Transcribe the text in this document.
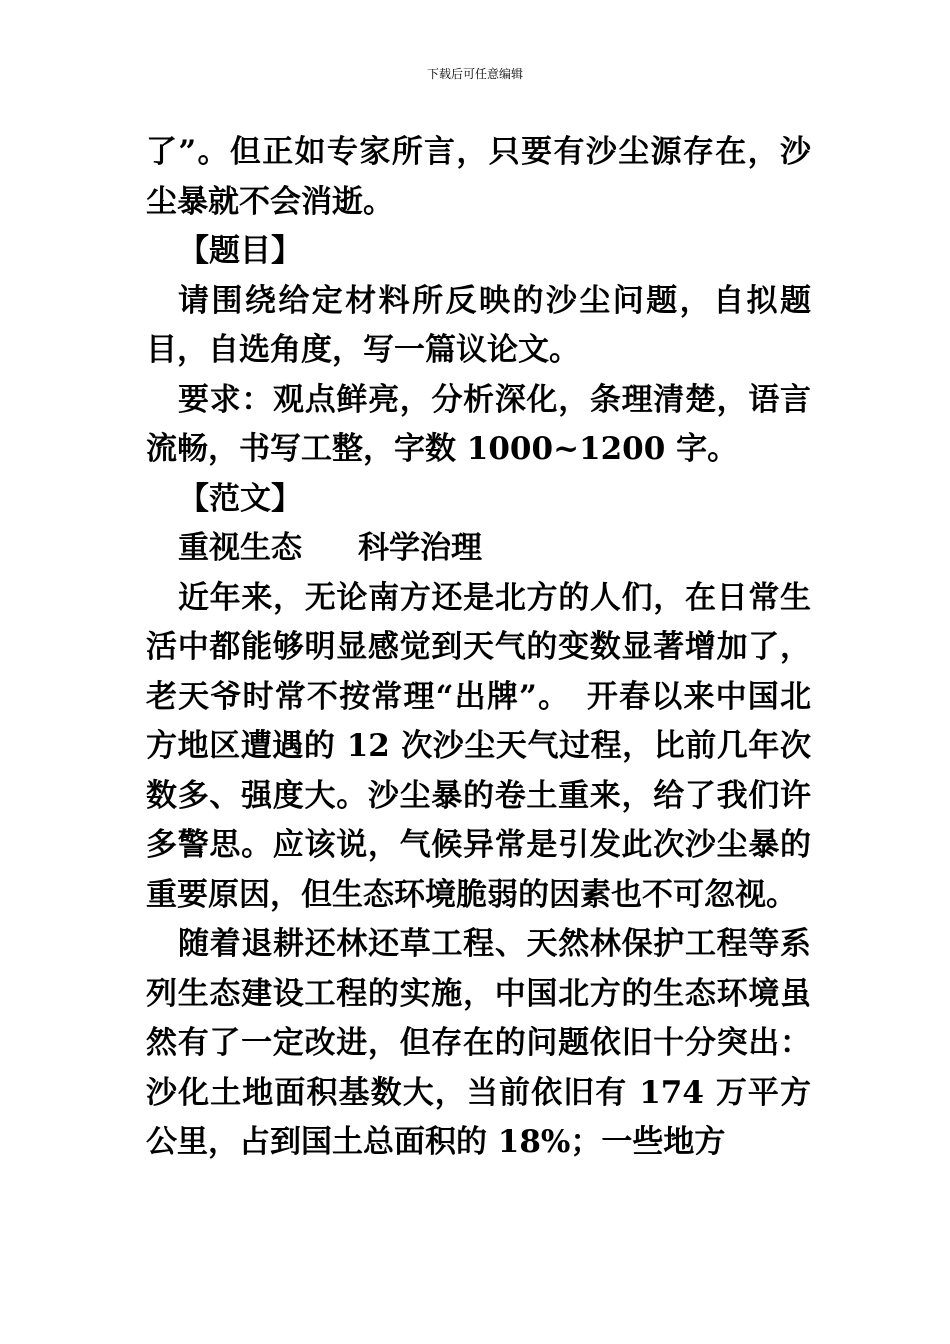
下载后可任意编辑

了”。但正如专家所言，只要有沙尘源存在，沙尘暴就不会消逝。

【题目】

请围绕给定材料所反映的沙尘问题，自拟题目，自选角度，写一篇议论文。

要求：观点鲜亮，分析深化，条理清楚，语言流畅，书写工整，字数 1000~1200 字。

【范文】

重视生态 科学治理

近年来，无论南方还是北方的人们，在日常生活中都能够明显感觉到天气的变数显著增加了，老天爷时常不按常理“出牌”。　开春以来中国北方地区遭遇的 12 次沙尘天气过程，比前几年次数多、强度大。沙尘暴的卷土重来，给了我们许多警思。应该说，气候异常是引发此次沙尘暴的重要原因，但生态环境脆弱的因素也不可忽视。

随着退耕还林还草工程、天然林保护工程等系列生态建设工程的实施，中国北方的生态环境虽然有了一定改进，但存在的问题依旧十分突出：沙化土地面积基数大，当前依旧有 174 万平方公里，占到国土总面积的 18%；一些地方
